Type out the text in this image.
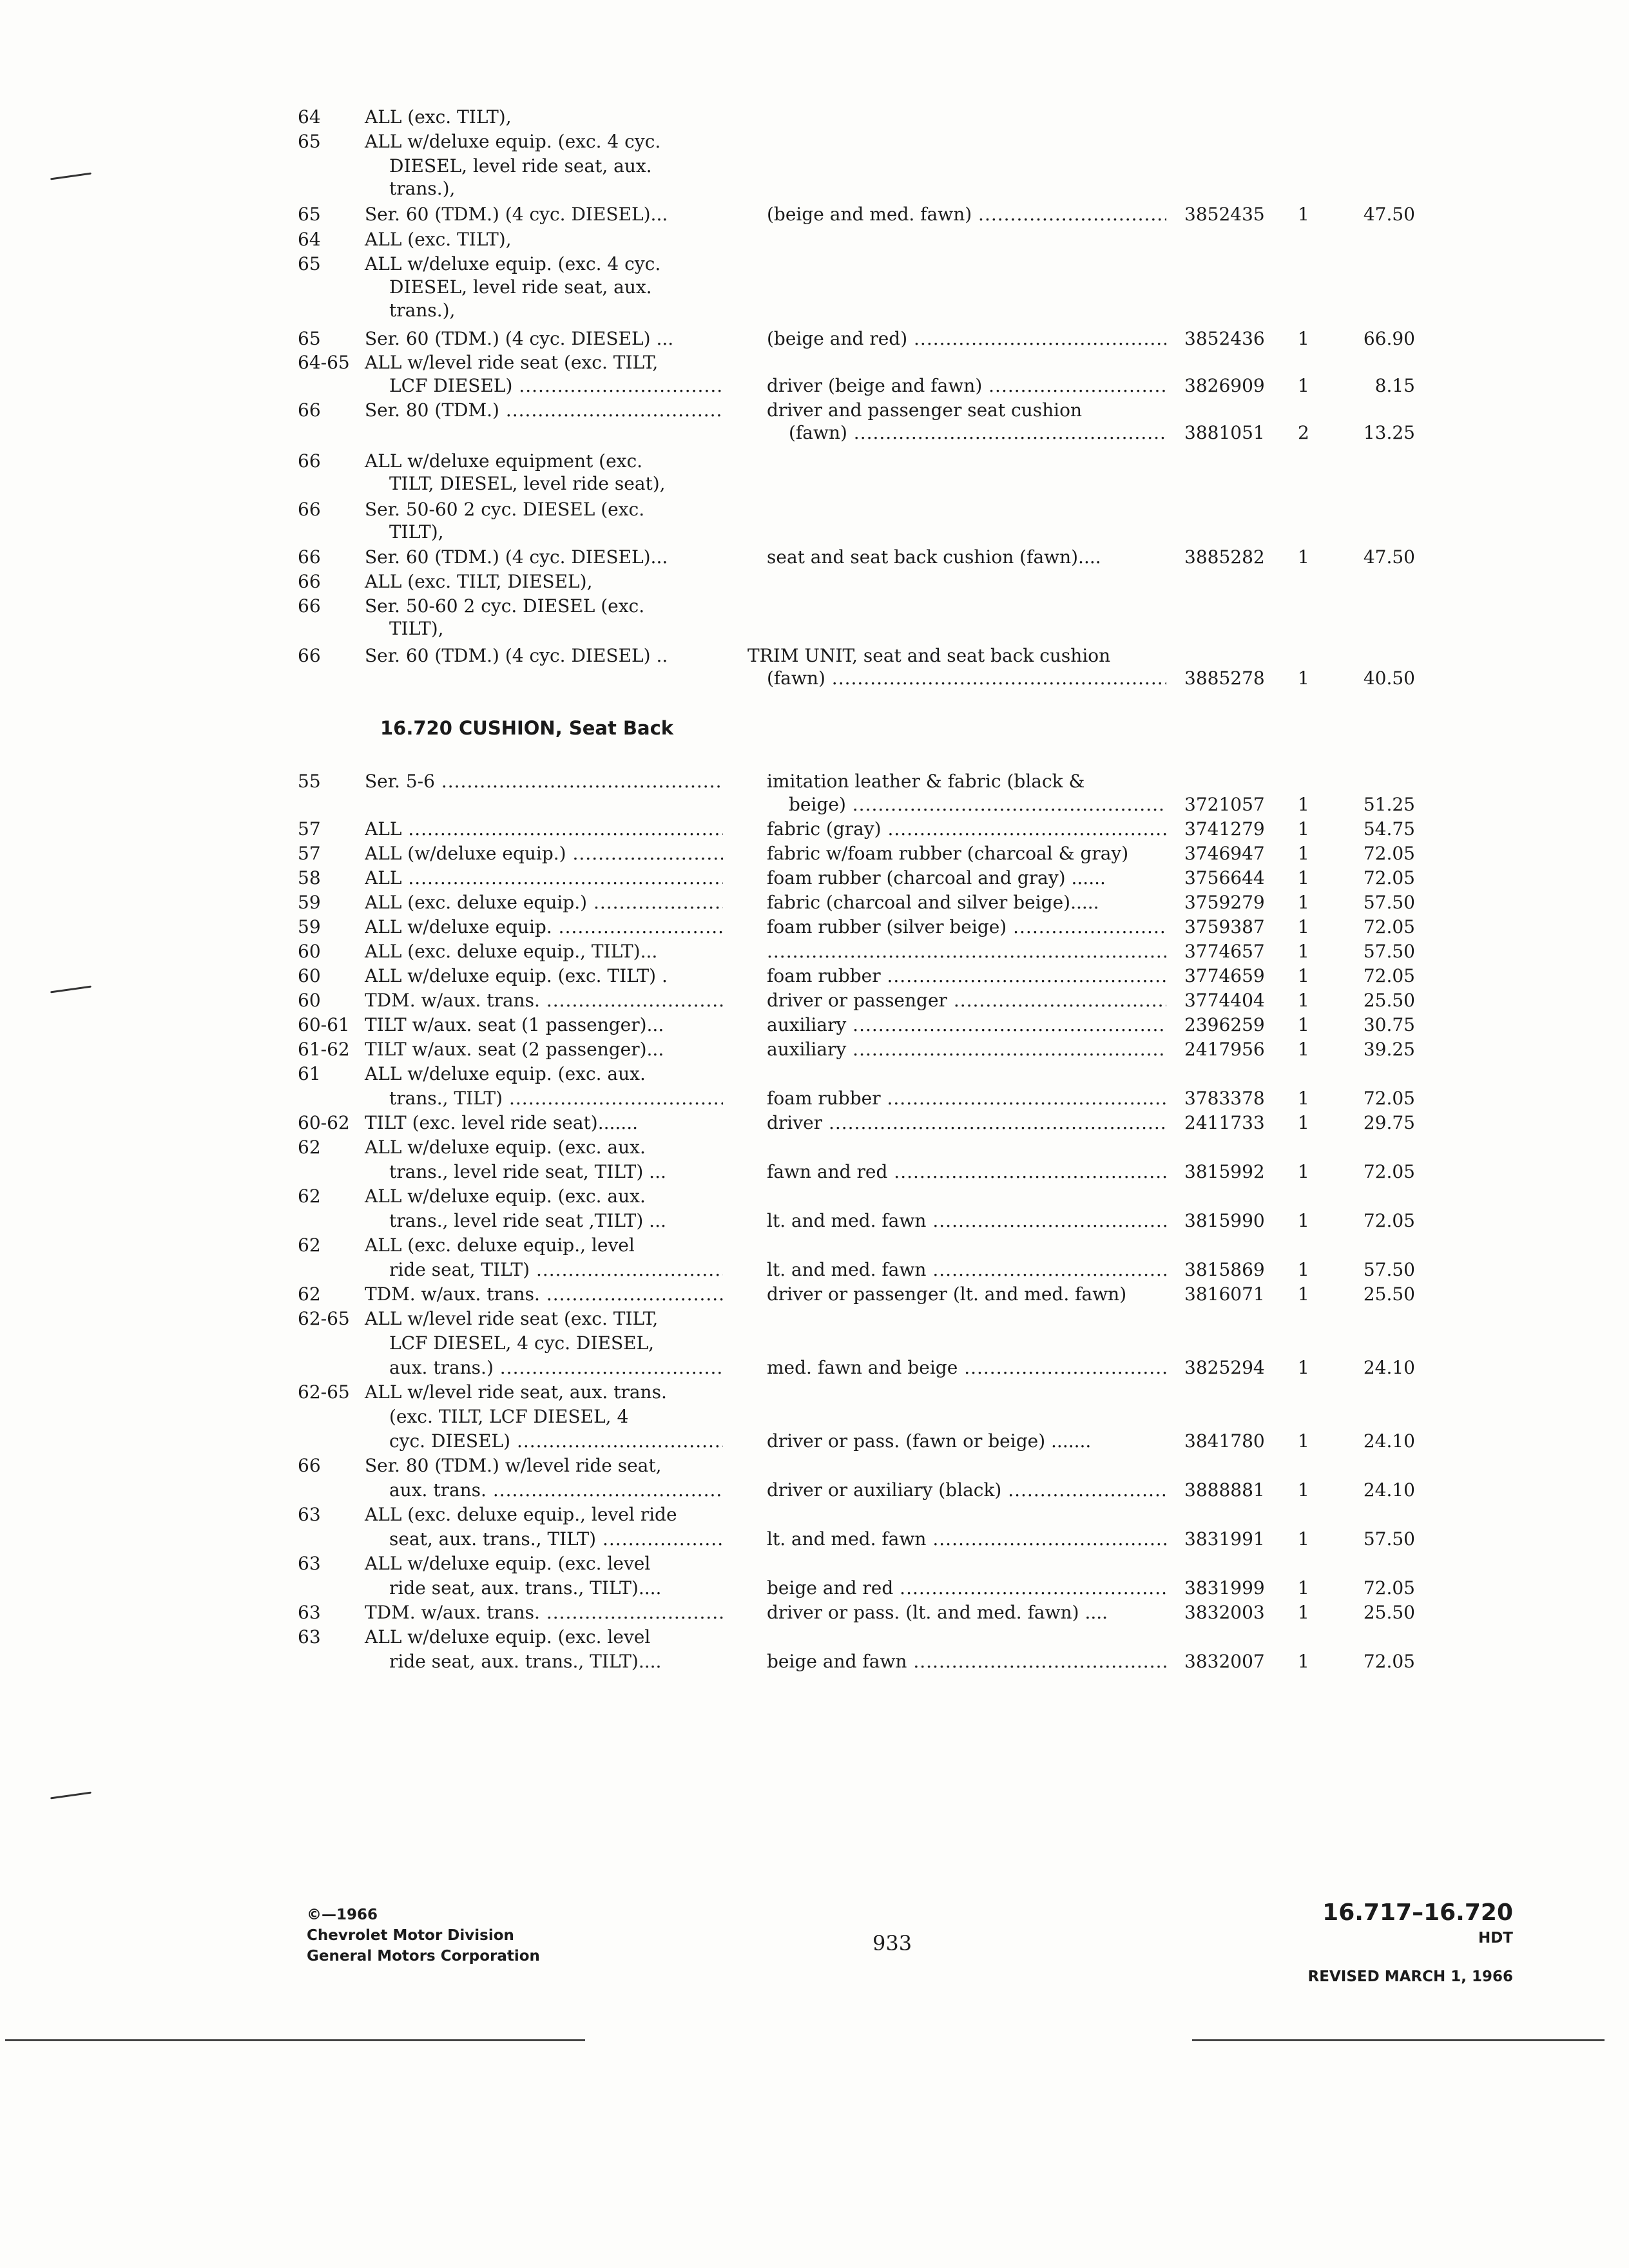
64 ALL (exc. TILT),
65 ALL w/deluxe equip. (exc. 4 cyc.
DIESEL, level ride seat, aux.
trans.),
65 Ser. 60 (TDM.) (4 cyc. DIESEL)...	(beige and med. fawn) .....	3852435 1	47.50
64 ALL (exc. TILT),
65 ALL w/deluxe equip. (exc. 4 cyc.
DIESEL, level ride seat, aux.
trans.),
65 Ser. 60 (TDM.) (4 cyc. DIESEL) ...	(beige and red) .....	3852436 1	66.90
64-65 ALL w/level ride seat (exc. TILT,
LCF DIESEL) .....	driver (beige and fawn) .....	3826909 1	8.15
66 Ser. 80 (TDM.) .....	driver and passenger seat cushion
(fawn) .....	3881051 2	13.25
66 ALL w/deluxe equipment (exc.
TILT, DIESEL, level ride seat),
66 Ser. 50-60 2 cyc. DIESEL (exc.
TILT),
66 Ser. 60 (TDM.) (4 cyc. DIESEL)...	seat and seat back cushion (fawn)....	3885282 1	47.50
66 ALL (exc. TILT, DIESEL),
66 Ser. 50-60 2 cyc. DIESEL (exc.
TILT),
66 Ser. 60 (TDM.) (4 cyc. DIESEL) ..	TRIM UNIT, seat and seat back cushion
(fawn) .....	3885278 1	40.50
55 Ser. 5-6 .....	imitation leather & fabric (black &
beige) .....	3721057 1	51.25
57 ALL .....	fabric (gray) .....	3741279 1	54.75
57 ALL (w/deluxe equip.) .....	fabric w/foam rubber (charcoal & gray)	3746947 1	72.05
58 ALL .....	foam rubber (charcoal and gray) ......	3756644 1	72.05
59 ALL (exc. deluxe equip.) .....	fabric (charcoal and silver beige).....	3759279 1	57.50
59 ALL w/deluxe equip. .....	foam rubber (silver beige) .....	3759387 1	72.05
60 ALL (exc. deluxe equip., TILT)...
.....	3774657 1	57.50
60 ALL w/deluxe equip. (exc. TILT) .	foam rubber .....	3774659 1	72.05
60 TDM. w/aux. trans. .....	driver or passenger .....	3774404 1	25.50
60-61 TILT w/aux. seat (1 passenger)...	auxiliary .....	2396259 1	30.75
61-62 TILT w/aux. seat (2 passenger)...	auxiliary .....	2417956 1	39.25
61 ALL w/deluxe equip. (exc. aux.
trans., TILT) .....	foam rubber .....	3783378 1	72.05
60-62 TILT (exc. level ride seat).......	driver .....	2411733 1	29.75
62 ALL w/deluxe equip. (exc. aux.
trans., level ride seat, TILT) ...	fawn and red .....	3815992 1	72.05
62 ALL w/deluxe equip. (exc. aux.
trans., level ride seat ,TILT) ...	lt. and med. fawn .....	3815990 1	72.05
62 ALL (exc. deluxe equip., level
ride seat, TILT) .....	lt. and med. fawn .....	3815869 1	57.50
62 TDM. w/aux. trans. .....	driver or passenger (lt. and med. fawn)	3816071 1	25.50
62-65 ALL w/level ride seat (exc. TILT,
LCF DIESEL, 4 cyc. DIESEL,
aux. trans.) .....	med. fawn and beige .....	3825294 1	24.10
62-65 ALL w/level ride seat, aux. trans.
(exc. TILT, LCF DIESEL, 4
cyc. DIESEL) .....	driver or pass. (fawn or beige) .......	3841780 1	24.10
66 Ser. 80 (TDM.) w/level ride seat,
aux. trans. .....	driver or auxiliary (black) .....	3888881 1	24.10
63 ALL (exc. deluxe equip., level ride
seat, aux. trans., TILT) .....	lt. and med. fawn .....	3831991 1	57.50
63 ALL w/deluxe equip. (exc. level
ride seat, aux. trans., TILT)....	beige and red .....	3831999 1	72.05
63 TDM. w/aux. trans. .....	driver or pass. (lt. and med. fawn) ....	3832003 1	25.50
63 ALL w/deluxe equip. (exc. level
ride seat, aux. trans., TILT)....	beige and fawn .....	3832007 1	72.05
16.720 CUSHION, Seat Back
©—1966
Chevrolet Motor Division
General Motors Corporation
933
16.717–16.720
HDT
REVISED MARCH 1, 1966
